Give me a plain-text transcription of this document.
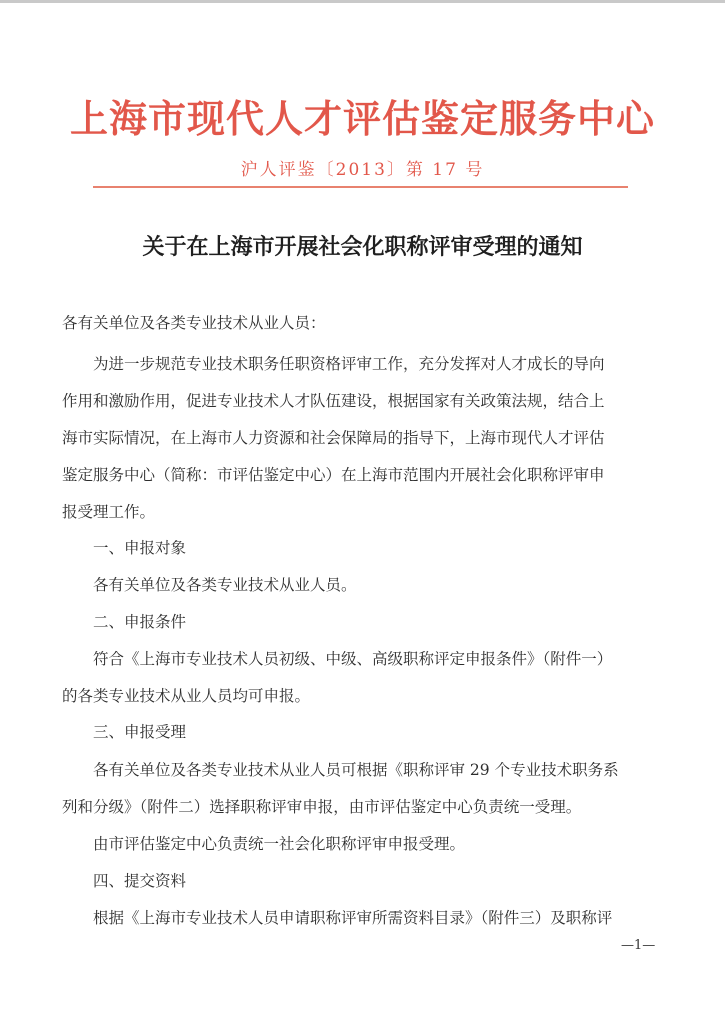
上海市现代人才评估鉴定服务中心
沪人评鉴〔2013〕第 17 号
关于在上海市开展社会化职称评审受理的通知
各有关单位及各类专业技术从业人员：
为进一步规范专业技术职务任职资格评审工作，充分发挥对人才成长的导向
作用和激励作用，促进专业技术人才队伍建设，根据国家有关政策法规，结合上
海市实际情况，在上海市人力资源和社会保障局的指导下，上海市现代人才评估
鉴定服务中心（简称：市评估鉴定中心）在上海市范围内开展社会化职称评审申
报受理工作。
一、申报对象
各有关单位及各类专业技术从业人员。
二、申报条件
符合《上海市专业技术人员初级、中级、高级职称评定申报条件》（附件一）
的各类专业技术从业人员均可申报。
三、申报受理
各有关单位及各类专业技术从业人员可根据《职称评审 29 个专业技术职务系
列和分级》（附件二）选择职称评审申报，由市评估鉴定中心负责统一受理。
由市评估鉴定中心负责统一社会化职称评审申报受理。
四、提交资料
根据《上海市专业技术人员申请职称评审所需资料目录》（附件三）及职称评
—1—
